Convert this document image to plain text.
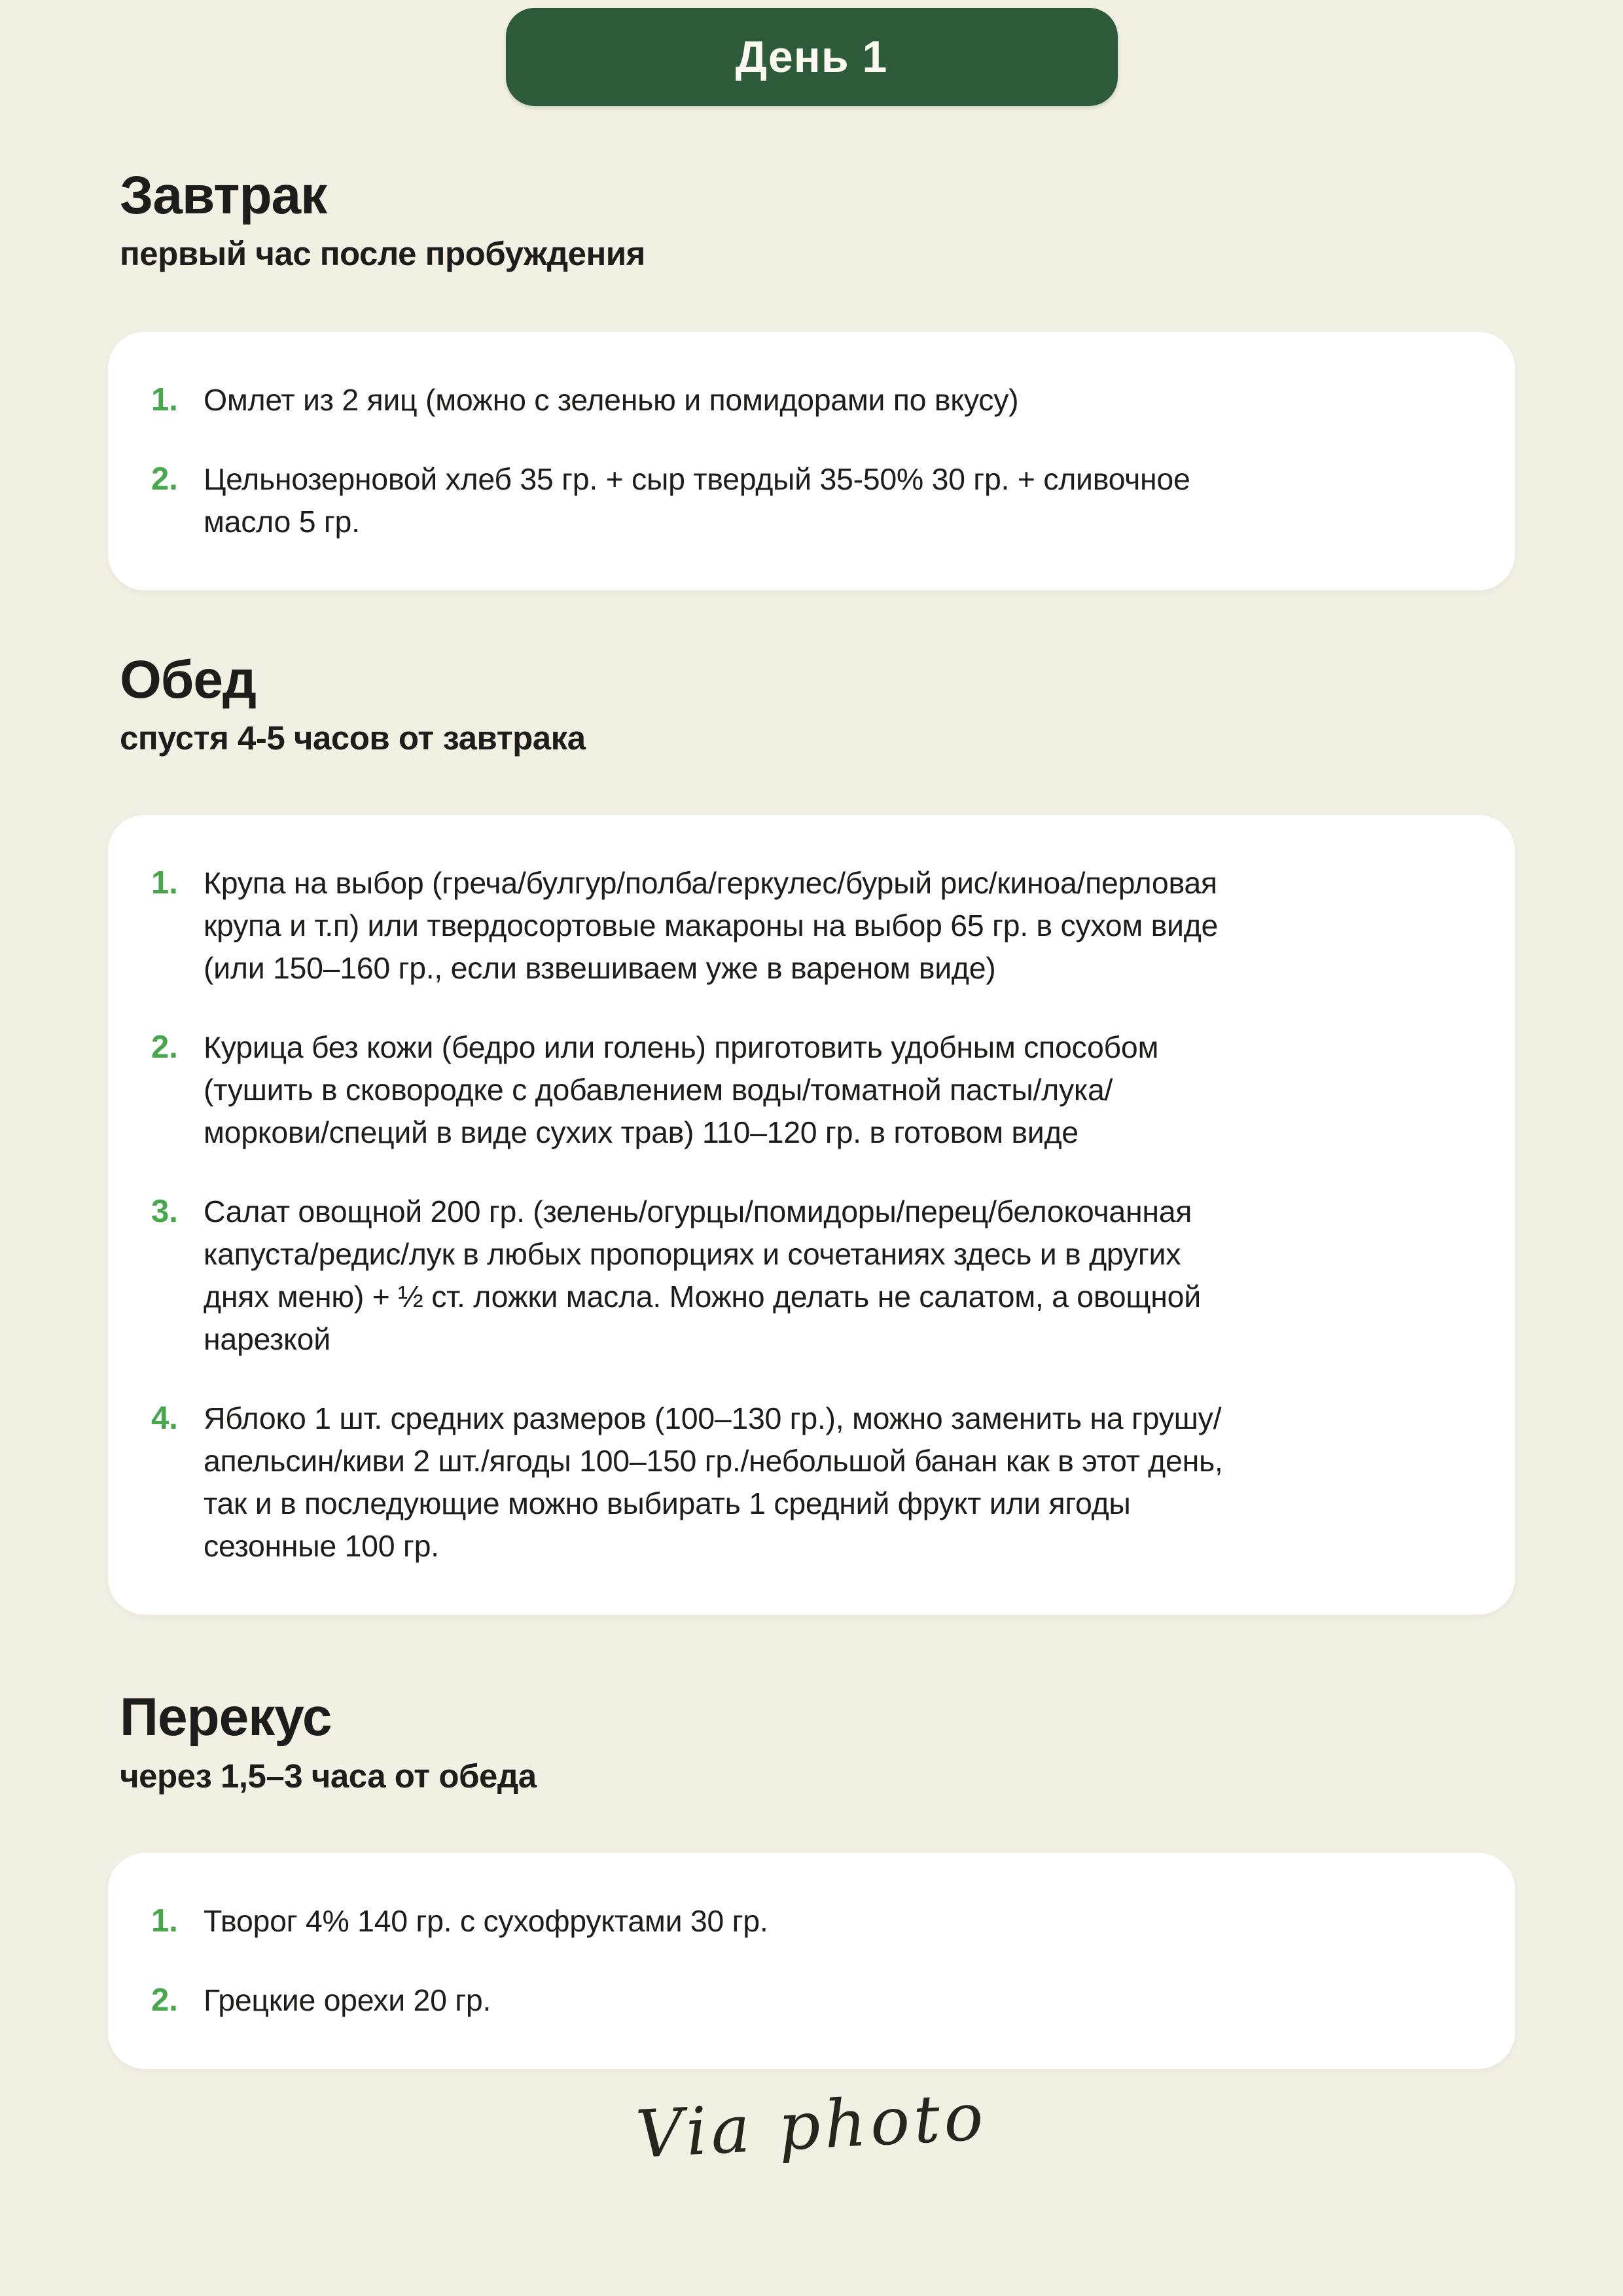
День 1
Завтрак
первый час после пробуждения
1. Омлет из 2 яиц (можно с зеленью и помидорами по вкусу)
2. Цельнозерновой хлеб 35 гр. + сыр твердый 35-50% 30 гр. + сливочное масло 5 гр.
Обед
спустя 4-5 часов от завтрака
1. Крупа на выбор (греча/булгур/полба/геркулес/бурый рис/киноа/перловая крупа и т.п) или твердосортовые макароны на выбор 65 гр. в сухом виде (или 150–160 гр., если взвешиваем уже в вареном виде)
2. Курица без кожи (бедро или голень) приготовить удобным способом (тушить в сковородке с добавлением воды/томатной пасты/лука/моркови/специй в виде сухих трав) 110–120 гр. в готовом виде
3. Салат овощной 200 гр. (зелень/огурцы/помидоры/перец/белокочанная капуста/редис/лук в любых пропорциях и сочетаниях здесь и в других днях меню) + ½ ст. ложки масла. Можно делать не салатом, а овощной нарезкой
4. Яблоко 1 шт. средних размеров (100–130 гр.), можно заменить на грушу/апельсин/киви 2 шт./ягоды 100–150 гр./небольшой банан как в этот день, так и в последующие можно выбирать 1 средний фрукт или ягоды сезонные 100 гр.
Перекус
через 1,5–3 часа от обеда
1. Творог 4% 140 гр. с сухофруктами 30 гр.
2. Грецкие орехи 20 гр.
Via photo
